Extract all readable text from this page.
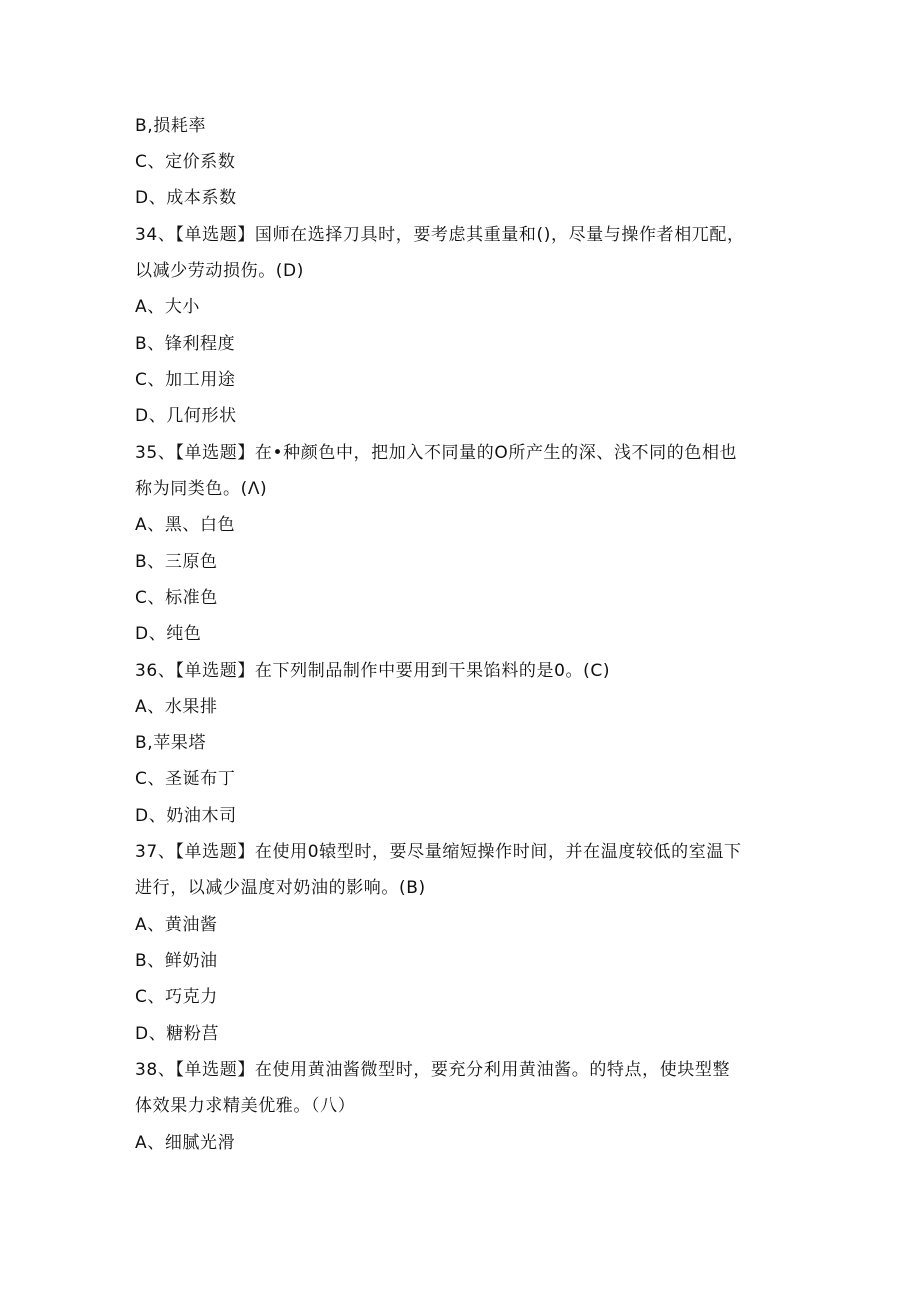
B,损耗率
C、定价系数
D、成本系数
34、【单选题】国师在选择刀具时，要考虑其重量和()，尽量与操作者相兀配，
以减少劳动损伤。(D)
A、大小
B、锋利程度
C、加工用途
D、几何形状
35、【单选题】在•种颜色中，把加入不同量的O所产生的深、浅不同的色相也
称为同类色。(Λ)
A、黑、白色
B、三原色
C、标准色
D、纯色
36、【单选题】在下列制品制作中要用到干果馅料的是0。(C)
A、水果排
B,苹果塔
C、圣诞布丁
D、奶油木司
37、【单选题】在使用0辕型时，要尽量缩短操作时间，并在温度较低的室温下
进行，以减少温度对奶油的影响。(B)
A、黄油酱
B、鲜奶油
C、巧克力
D、糖粉莒
38、【单选题】在使用黄油酱微型时，要充分利用黄油酱。的特点，使块型整
体效果力求精美优雅。（八）
A、细腻光滑
